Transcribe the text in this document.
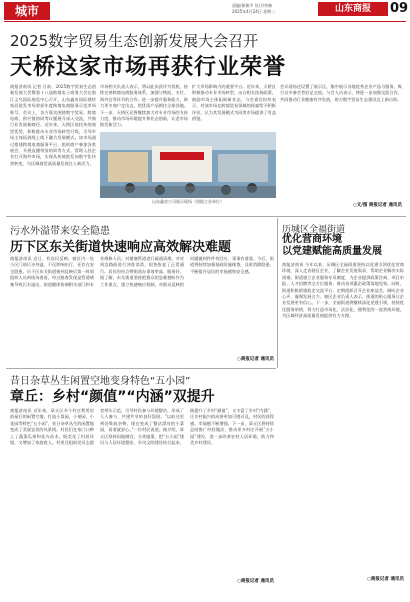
城市	责编/崔敏平 设计/李赫
2025年4月24日 星期二	山东商报	09
2025数字贸易生态创新发展大会召开
天桥这家市场再获行业荣誉
商报济南讯 记者 日前，2025数字贸易生态创新发展大会暨第十八届跨境电子商务大会在浙江义乌国际展览中心召开，山东鑫泉国际建材家居批发市场荣获年度跨境电商服务示范市场称号。会议上，各方嘉宾围绕数字贸易、跨境电商、供应链协同等议题展开深入交流，共商行业发展新路径。近年来，天桥区依托传统商贸优势，积极推动专业市场转型升级，引导市场主体拓展线上线下融合发展模式。该市场通过搭建跨境电商服务平台、组织商户参加各类展会、开展直播带货培训等方式，帮助入驻企业打开海外市场，实现从传统批发向数字化经营转变，为区域商贸高质量发展注入新活力。
市场相关负责人表示，将以此次获评为契机，持续完善跨境电商服务体系，加强与物流、支付、海外仓等环节的合作，进一步提升服务能力，助力更多商户走出去，把优质产品销往全球各地。下一步，天桥区还将继续加大对专业市场的支持力度，推动市场环境提升和业态创新，让老市场焕发新活力。
山东鑫泉公司展示现场（图据主办单位）
扩大市场影响力的重要平台。近年来，天桥区积极推动专业市场转型，出台相关扶持政策，鼓励市场主体拓展新业态。与会嘉宾纷纷表示，对该市场在跨境贸易领域的探索给予积极评价，认为其发展模式为同类市场提供了有益借鉴。
会议现场还设置了展示区，集中展示各地优秀企业产品与服务，吸引众多参会者驻足交流。与会人员表示，将进一步加强交流合作，共同推动行业健康有序发展，助力数字贸易生态建设迈上新台阶。
○文/图 商报记者 通讯员
污水外溢带来安全隐患
历下区东关街道快速响应高效解决难题
商报济南讯 近日，有居民反映，辖区内一处小区门前污水外溢，不仅影响出行，还存在安全隐患。历下区东关街道接到反映后第一时间组织人员到现场查看，经过排查发现是管道堵塞导致污水溢出。街道随即协调相关部门和专业维修人员，对堵塞管道进行疏通清理，并对周边路面进行冲洗消杀，很快恢复了正常通行。居民纷纷点赞街道办事效率高、服务好。据了解，东关街道坚持把群众的急难愁盼作为工作重点，建立快速响应机制，对群众反映的问题做到件件有回应、事事有着落。今后，街道将持续加强基础设施排查，及时消除隐患，不断提升居民的幸福感和安全感。
○商报记者 通讯员
历城区全福街道
优化营商环境
以党建赋能高质量发展
商报济南讯 今年以来，历城区全福街道坚持以党建引领优化营商环境，深入走访辖区企业，了解企业发展需求，帮助企业解决实际困难。街道建立企业服务专员制度，为企业提供政策咨询、项目申报、人才招聘等全方位服务，推动各项惠企政策落地见效。同时，街道积极搭建政企交流平台，定期组织召开企业座谈会，倾听企业心声，凝聚发展合力。辖区企业负责人表示，街道的贴心服务让企业发展更有信心。下一步，全福街道将继续深化党建引领，持续优化服务举措，努力打造市场化、法治化、便利化的一流营商环境，为区域经济高质量发展提供有力支撑。
○商报记者 通讯员
昔日杂草丛生闲置空地变身特色“五小园”
章丘：乡村“颜值”“内涵”双提升
商报济南讯 近年来，章丘区多个村庄利用房前屋后的闲置空地，打造小菜园、小果园、小花园等特色“五小园”，昔日杂草丛生的闲置地变成了美丽宜居的风景线。村民们在家门口种上了蔬菜瓜果和花卉苗木，既美化了村居环境，又增加了家庭收入。村里还组织党员志愿者带头示范，引导村民参与环境整治，形成了人人参与、共建共享的良好氛围。“以前这里到处堆放杂物，现在变成了整洁漂亮的小菜园，看着就舒心。”一位村民说道。据介绍，章丘区坚持因地制宜、分类施策，把“五小园”建设与人居环境整治、乡风文明建设结合起来，既提升了乡村“颜值”，又丰富了乡村“内涵”，让乡村振兴的成果更加可感可及，村民的获得感、幸福感不断增强。下一步，章丘区将持续总结推广经验做法，推动更多村庄开展“五小园”建设，进一步改善农村人居环境，助力和美乡村建设。
○商报记者 通讯员
